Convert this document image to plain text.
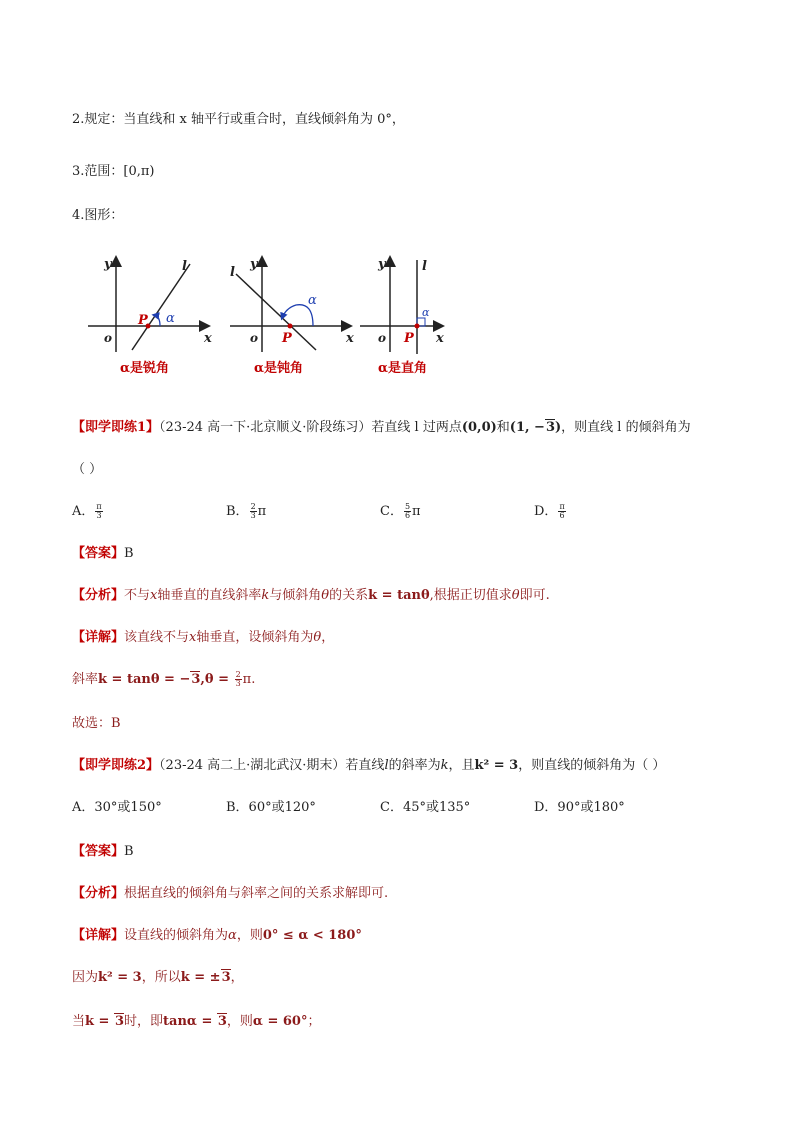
2.规定：当直线和 x 轴平行或重合时，直线倾斜角为 0°，
3.范围：[0,π)
4.图形：
y
x
o
l
P α
α是锐角
y
x
o
l
P
α
α是钝角
y
x
o
l
P
α
α是直角
【即学即练1】（23-24 高一下·北京顺义·阶段练习）若直线 l 过两点(0,0)和(1, −3)，则直线 l 的倾斜角为
（ ）
A． $\frac{\pi}{3}$	B． $\frac{2}{3}$ π	C． $\frac{5}{6}$ π	D． $\frac{\pi}{6}$
【答案】B
【分析】不与x轴垂直的直线斜率k与倾斜角θ的关系k = tanθ,根据正切值求θ即可.
【详解】该直线不与x轴垂直，设倾斜角为θ，
斜率$k = \tan\theta = -3,\theta = \frac{2}{3} \pi$.
故选：B
【即学即练2】（23-24 高二上·湖北武汉·期末）若直线l的斜率为k，且k² = 3，则直线的倾斜角为（ ）
A．30°或150°	B．60°或120°	C．45°或135°	D．90°或180°
【答案】B
【分析】根据直线的倾斜角与斜率之间的关系求解即可.
【详解】设直线的倾斜角为α，则0° ≤ α < 180°
因为k² = 3，所以k = ±3，
当k = 3时，即tanα = 3，则α = 60°；
